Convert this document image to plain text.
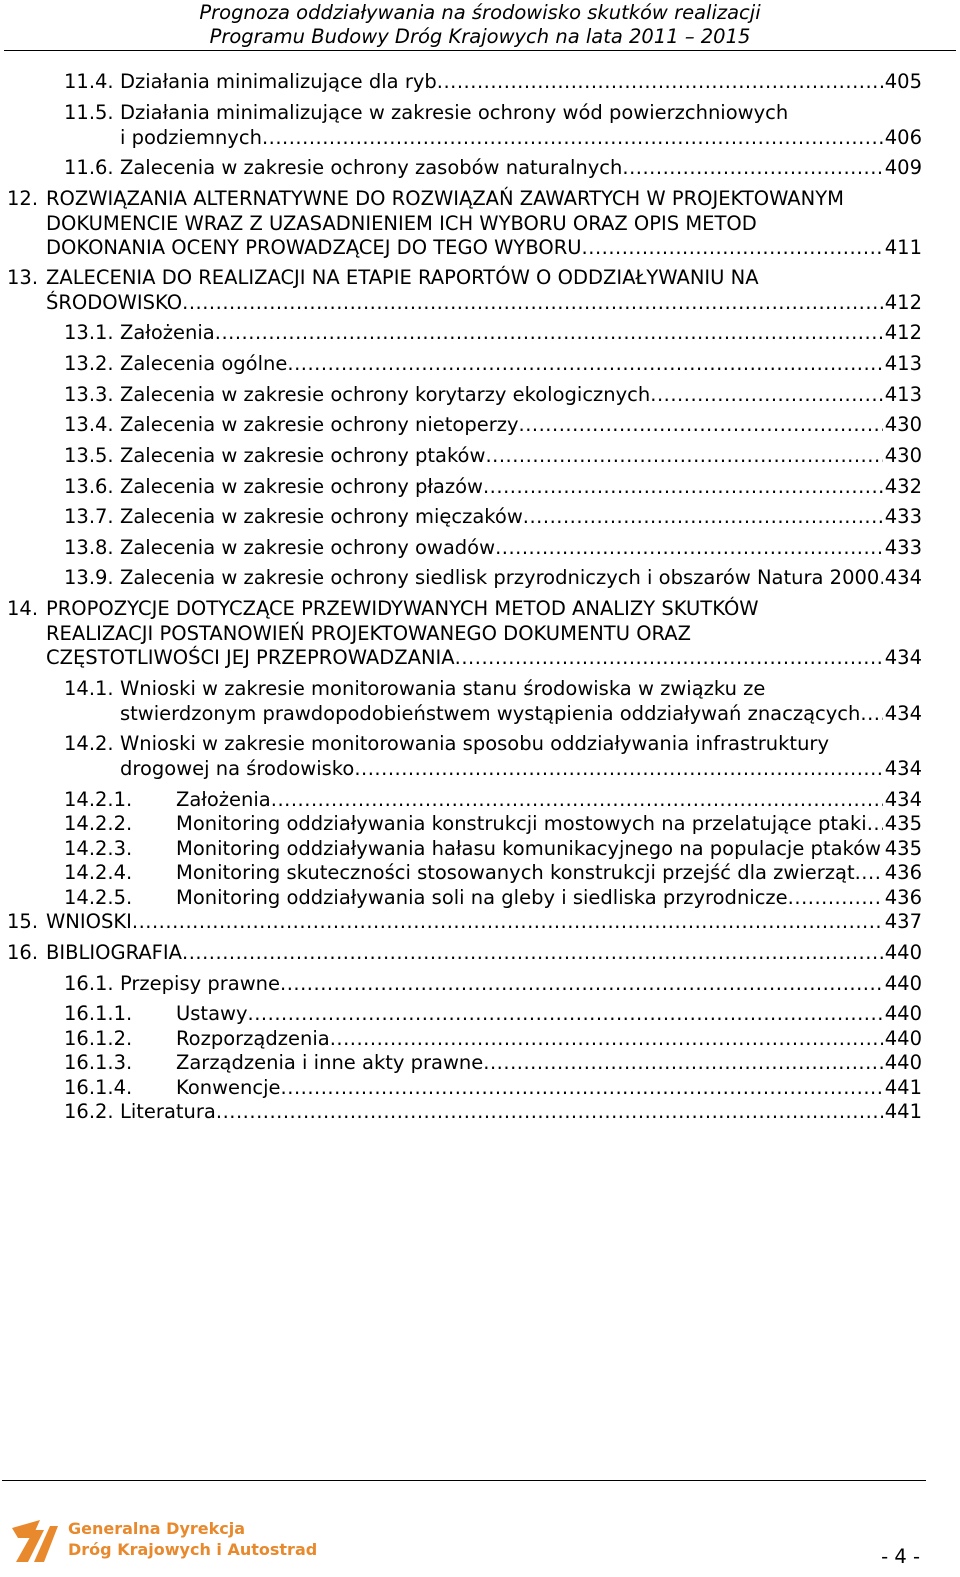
Prognoza oddziaływania na środowisko skutków realizacji
Programu Budowy Dróg Krajowych na lata 2011 – 2015
11.4. Działania minimalizujące dla ryb .....	405
11.5. Działania minimalizujące w zakresie ochrony wód powierzchniowych
i podziemnych .....	406
11.6. Zalecenia w zakresie ochrony zasobów naturalnych .....	409
12. ROZWIĄZANIA ALTERNATYWNE DO ROZWIĄZAŃ ZAWARTYCH W PROJEKTOWANYM
DOKUMENCIE WRAZ Z UZASADNIENIEM ICH WYBORU ORAZ OPIS METOD
DOKONANIA OCENY PROWADZĄCEJ DO TEGO WYBORU .....	411
13. ZALECENIA DO REALIZACJI NA ETAPIE RAPORTÓW O ODDZIAŁYWANIU NA
ŚRODOWISKO .....	412
13.1. Założenia .....	412
13.2. Zalecenia ogólne .....	413
13.3. Zalecenia w zakresie ochrony korytarzy ekologicznych .....	413
13.4. Zalecenia w zakresie ochrony nietoperzy .....	430
13.5. Zalecenia w zakresie ochrony ptaków .....	430
13.6. Zalecenia w zakresie ochrony płazów .....	432
13.7. Zalecenia w zakresie ochrony mięczaków .....	433
13.8. Zalecenia w zakresie ochrony owadów .....	433
13.9. Zalecenia w zakresie ochrony siedlisk przyrodniczych i obszarów Natura 2000 ..... 434
14. PROPOZYCJE DOTYCZĄCE PRZEWIDYWANYCH METOD ANALIZY SKUTKÓW
REALIZACJI POSTANOWIEŃ PROJEKTOWANEGO DOKUMENTU ORAZ
CZĘSTOTLIWOŚCI JEJ PRZEPROWADZANIA .....	434
14.1. Wnioski w zakresie monitorowania stanu środowiska w związku ze
stwierdzonym prawdopodobieństwem wystąpienia oddziaływań znaczących ..... 434
14.2. Wnioski w zakresie monitorowania sposobu oddziaływania infrastruktury
drogowej na środowisko .....	434
14.2.1. Założenia .....	434
14.2.2. Monitoring oddziaływania konstrukcji mostowych na przelatujące ptaki ..... 435
14.2.3. Monitoring oddziaływania hałasu komunikacyjnego na populacje ptaków ..... 435
14.2.4. Monitoring skuteczności stosowanych konstrukcji przejść dla zwierząt ..... 436
14.2.5. Monitoring oddziaływania soli na gleby i siedliska przyrodnicze .....	436
15. WNIOSKI .....	437
16. BIBLIOGRAFIA .....	440
16.1. Przepisy prawne .....	440
16.1.1. Ustawy .....	440
16.1.2. Rozporządzenia .....	440
16.1.3. Zarządzenia i inne akty prawne .....	440
16.1.4. Konwencje .....	441
16.2. Literatura .....	441
Generalna Dyrekcja
Dróg Krajowych i Autostrad	- 4 -
